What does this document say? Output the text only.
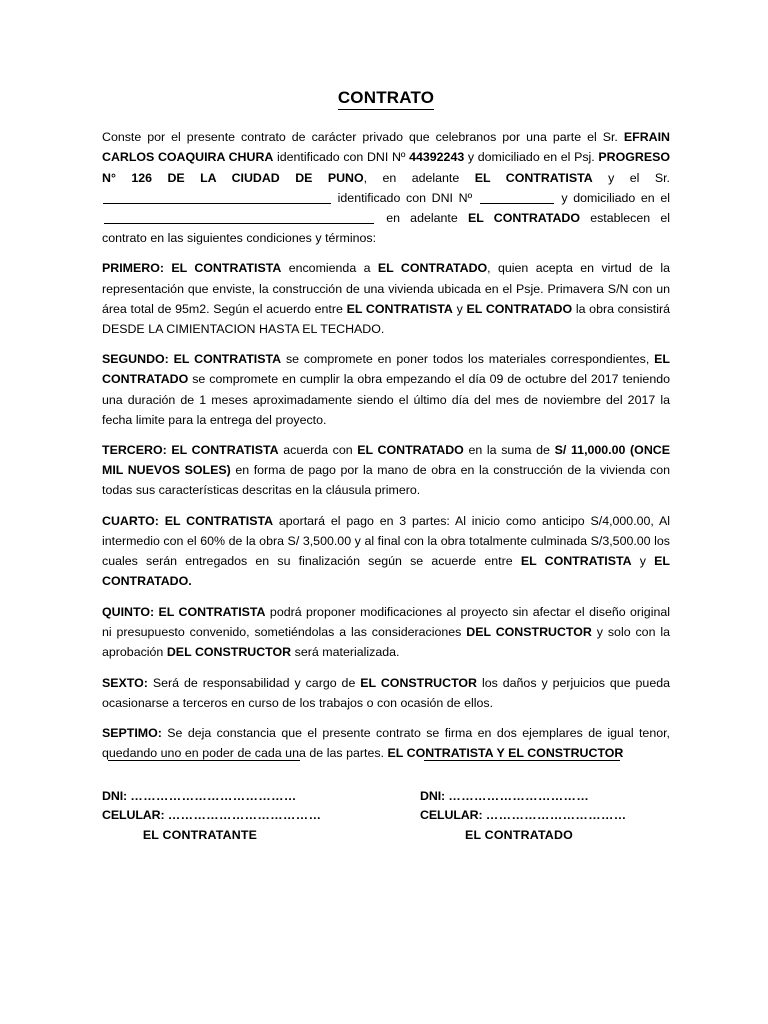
CONTRATO

Conste por el presente contrato de carácter privado que celebranos por una parte el Sr. EFRAIN CARLOS COAQUIRA CHURA identificado con DNI Nº 44392243 y domiciliado en el Psj. PROGRESO N° 126 DE LA CIUDAD DE PUNO, en adelante EL CONTRATISTA y el Sr. identificado con DNI Nº	y domiciliado en el  en adelante EL CONTRATADO establecen el contrato en las siguientes condiciones y términos:

PRIMERO: EL CONTRATISTA encomienda a EL CONTRATADO, quien acepta en virtud de la representación que enviste, la construcción de una vivienda ubicada en el Psje. Primavera S/N con un área total de 95m2. Según el acuerdo entre EL CONTRATISTA y EL CONTRATADO la obra consistirá DESDE LA CIMIENTACION HASTA EL TECHADO.

SEGUNDO: EL CONTRATISTA se compromete en poner todos los materiales correspondientes, EL CONTRATADO se compromete en cumplir la obra empezando el día 09 de octubre del 2017 teniendo una duración de 1 meses aproximadamente siendo el último día del mes de noviembre del 2017 la fecha limite para la entrega del proyecto.

TERCERO: EL CONTRATISTA acuerda con EL CONTRATADO en la suma de S/ 11,000.00 (ONCE MIL NUEVOS SOLES) en forma de pago por la mano de obra en la construcción de la vivienda con todas sus características descritas en la cláusula primero.

CUARTO: EL CONTRATISTA aportará el pago en 3 partes: Al inicio como anticipo S/4,000.00, Al intermedio con el 60% de la obra S/ 3,500.00 y al final con la obra totalmente culminada S/3,500.00 los cuales serán entregados en su finalización según se acuerde entre EL CONTRATISTA y EL CONTRATADO.

QUINTO: EL CONTRATISTA podrá proponer modificaciones al proyecto sin afectar el diseño original ni presupuesto convenido, sometiéndolas a las consideraciones DEL CONSTRUCTOR y solo con la aprobación DEL CONSTRUCTOR será materializada.

SEXTO: Será de responsabilidad y cargo de EL CONSTRUCTOR los daños y perjuicios que pueda ocasionarse a terceros en curso de los trabajos o con ocasión de ellos.

SEPTIMO: Se deja constancia que el presente contrato se firma en dos ejemplares de igual tenor, quedando uno en poder de cada una de las partes. EL CONTRATISTA Y EL CONSTRUCTOR

DNI: …………………………………
CELULAR: ………………………………
EL CONTRATANTE
DNI: ……………………………
CELULAR: ……………………………
EL CONTRATADO
